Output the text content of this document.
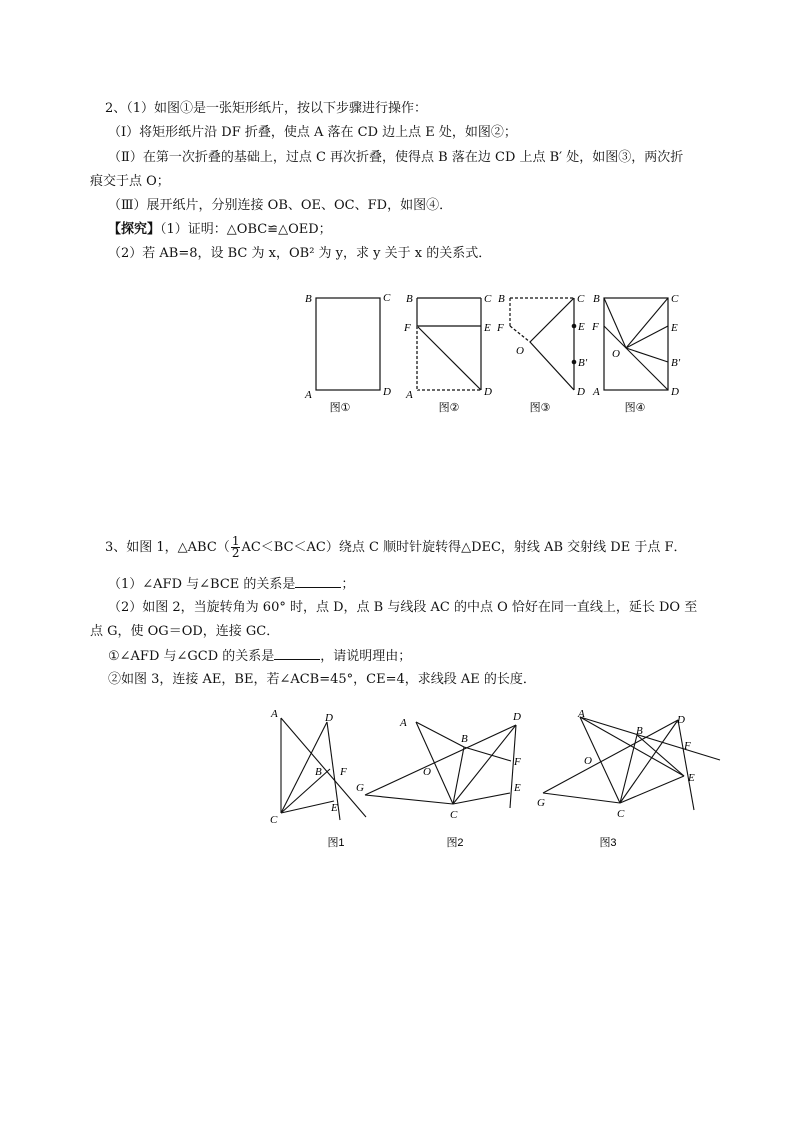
2、（1）如图①是一张矩形纸片，按以下步骤进行操作：
（Ⅰ）将矩形纸片沿 DF 折叠，使点 A 落在 CD 边上点 E 处，如图②；
（Ⅱ）在第一次折叠的基础上，过点 C 再次折叠，使得点 B 落在边 CD 上点 B′ 处，如图③，两次折
痕交于点 O；
（Ⅲ）展开纸片，分别连接 OB、OE、OC、FD，如图④．
【探究】（1）证明：△OBC≌△OED；
（2）若 AB=8，设 BC 为 x，OB² 为 y，求 y 关于 x 的关系式．
B	C
A	D
图①
B	C
F	E
A	D
图②
B	C
F	E
O
B′
D
图③
B	C
F	E
O
B′
A	D
图④
3、如图 1，△ABC（ $\frac{1}{2} AC<BC<AC$）绕点 C 顺时针旋转得△DEC，射线 AB 交射线 DE 于点 F．
（1）∠AFD 与∠BCE 的关系是	；
（2）如图 2，当旋转角为 60° 时，点 D，点 B 与线段 AC 的中点 O 恰好在同一直线上，延长 DO 至
点 G，使 OG＝OD，连接 GC．
①∠AFD 与∠GCD 的关系是	，请说明理由；
②如图 3，连接 AE，BE，若∠ACB=45°，CE=4，求线段 AE 的长度．
A	D
B F
E
C
图1
A	D
B
O
F
E
G
C
图2
A	D
B
O
F
E
G
C
图3
